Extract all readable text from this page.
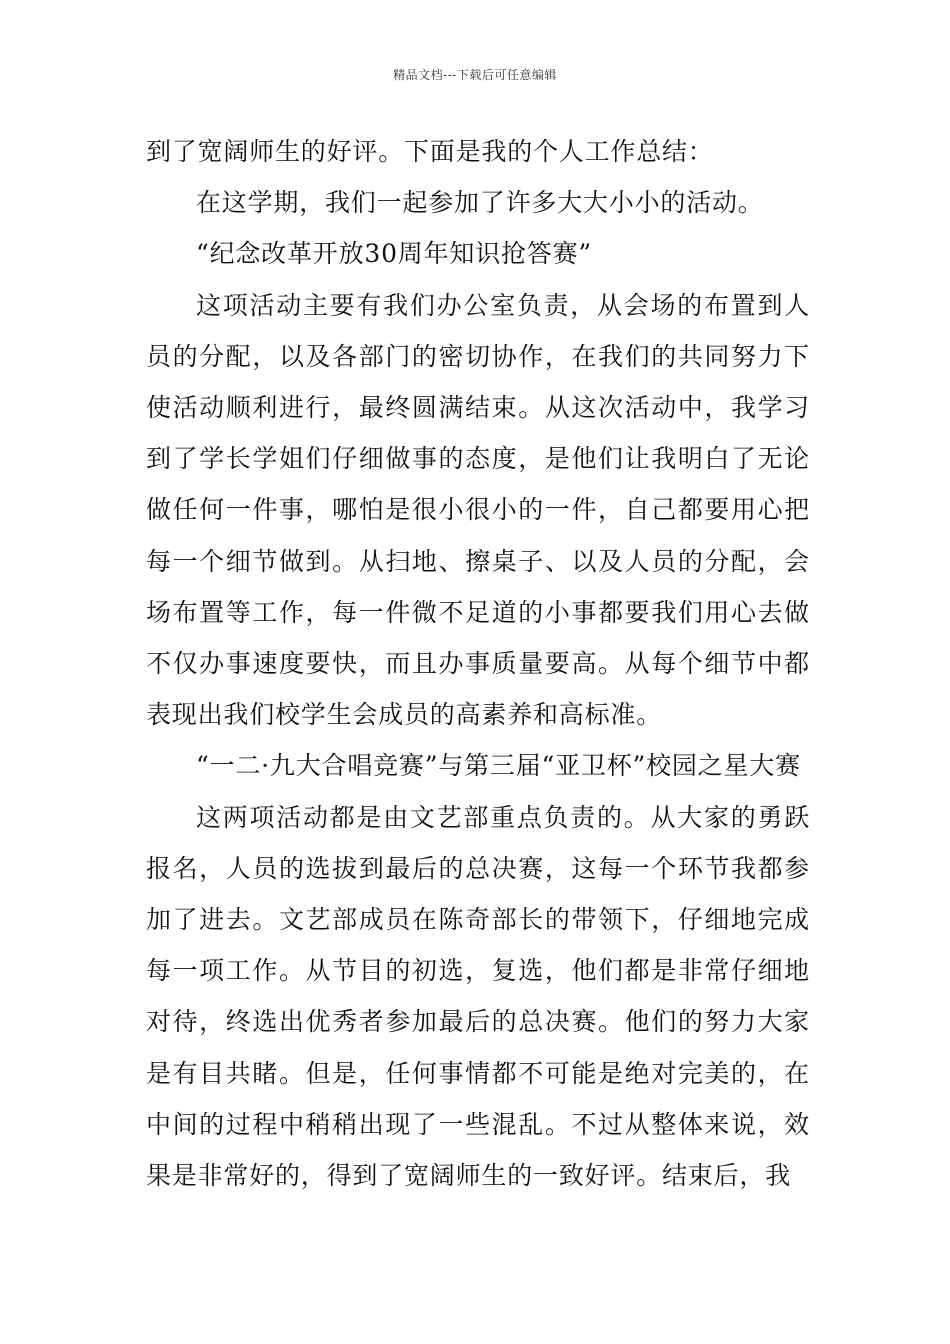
精品文档---下载后可任意编辑

到了宽阔师生的好评。下面是我的个人工作总结：

在这学期，我们一起参加了许多大大小小的活动。

“纪念改革开放30周年知识抢答赛”

这项活动主要有我们办公室负责，从会场的布置到人员的分配，以及各部门的密切协作，在我们的共同努力下使活动顺利进行，最终圆满结束。从这次活动中，我学习到了学长学姐们仔细做事的态度，是他们让我明白了无论做任何一件事，哪怕是很小很小的一件，自己都要用心把每一个细节做到。从扫地、擦桌子、以及人员的分配，会场布置等工作，每一件微不足道的小事都要我们用心去做不仅办事速度要快，而且办事质量要高。从每个细节中都表现出我们校学生会成员的高素养和高标准。

“一二·九大合唱竞赛”与第三届“亚卫杯”校园之星大赛

这两项活动都是由文艺部重点负责的。从大家的勇跃报名，人员的选拔到最后的总决赛，这每一个环节我都参加了进去。文艺部成员在陈奇部长的带领下，仔细地完成每一项工作。从节目的初选，复选，他们都是非常仔细地对待，终选出优秀者参加最后的总决赛。他们的努力大家是有目共睹。但是，任何事情都不可能是绝对完美的，在中间的过程中稍稍出现了一些混乱。不过从整体来说，效果是非常好的，得到了宽阔师生的一致好评。结束后，我
